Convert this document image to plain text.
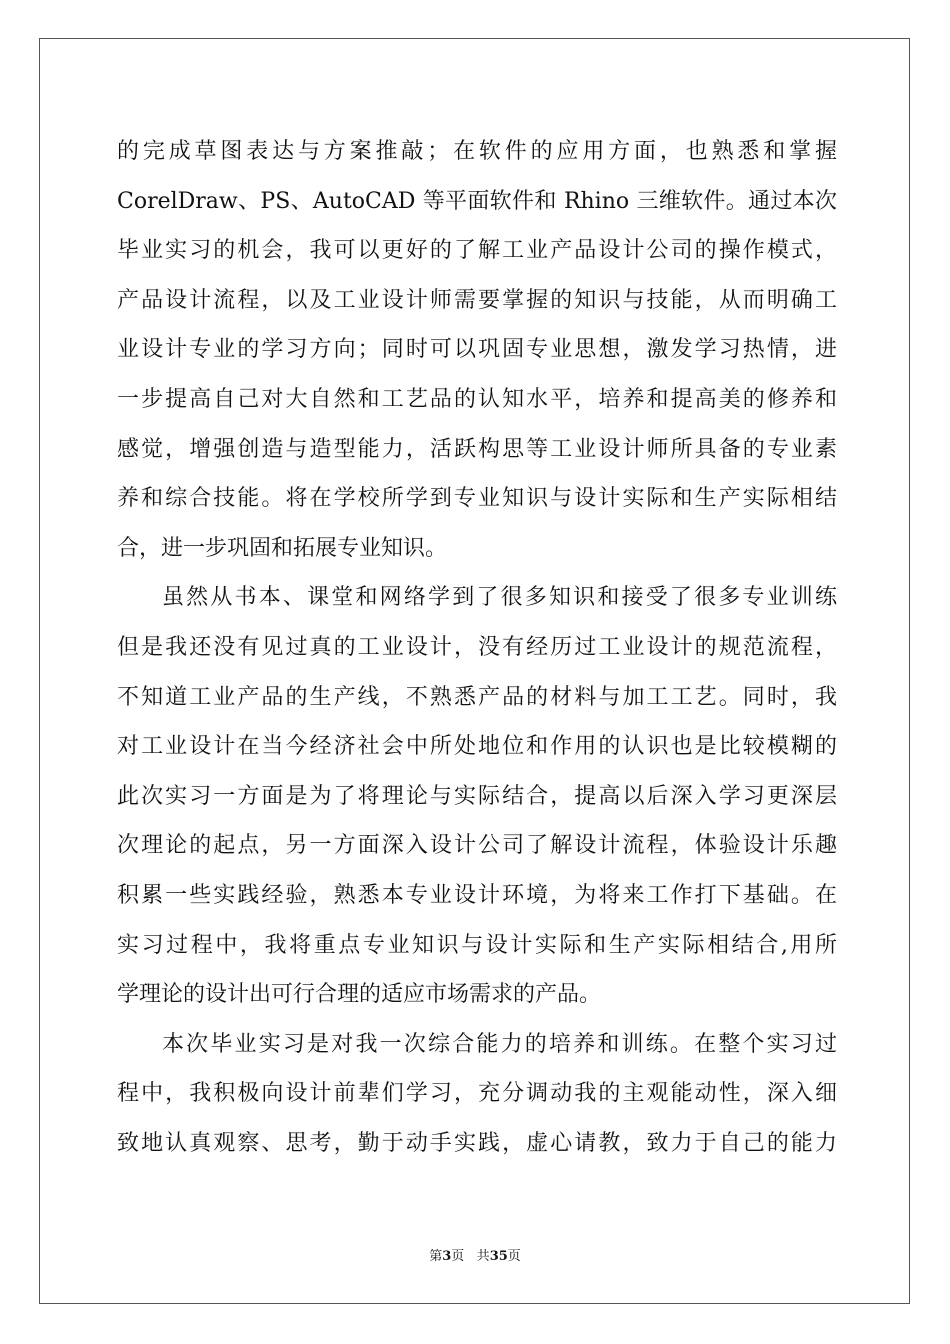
的完成草图表达与方案推敲；在软件的应用方面，也熟悉和掌握
CorelDraw、PS、AutoCAD 等平面软件和 Rhino 三维软件。通过本次
毕业实习的机会，我可以更好的了解工业产品设计公司的操作模式，
产品设计流程，以及工业设计师需要掌握的知识与技能，从而明确工
业设计专业的学习方向；同时可以巩固专业思想，激发学习热情，进
一步提高自己对大自然和工艺品的认知水平，培养和提高美的修养和
感觉，增强创造与造型能力，活跃构思等工业设计师所具备的专业素
养和综合技能。将在学校所学到专业知识与设计实际和生产实际相结
合，进一步巩固和拓展专业知识。
虽然从书本、课堂和网络学到了很多知识和接受了很多专业训练
但是我还没有见过真的工业设计，没有经历过工业设计的规范流程，
不知道工业产品的生产线，不熟悉产品的材料与加工工艺。同时，我
对工业设计在当今经济社会中所处地位和作用的认识也是比较模糊的
此次实习一方面是为了将理论与实际结合，提高以后深入学习更深层
次理论的起点，另一方面深入设计公司了解设计流程，体验设计乐趣
积累一些实践经验，熟悉本专业设计环境，为将来工作打下基础。在
实习过程中，我将重点专业知识与设计实际和生产实际相结合,用所
学理论的设计出可行合理的适应市场需求的产品。
本次毕业实习是对我一次综合能力的培养和训练。在整个实习过
程中，我积极向设计前辈们学习，充分调动我的主观能动性，深入细
致地认真观察、思考，勤于动手实践，虚心请教，致力于自己的能力
第3页 共35页
